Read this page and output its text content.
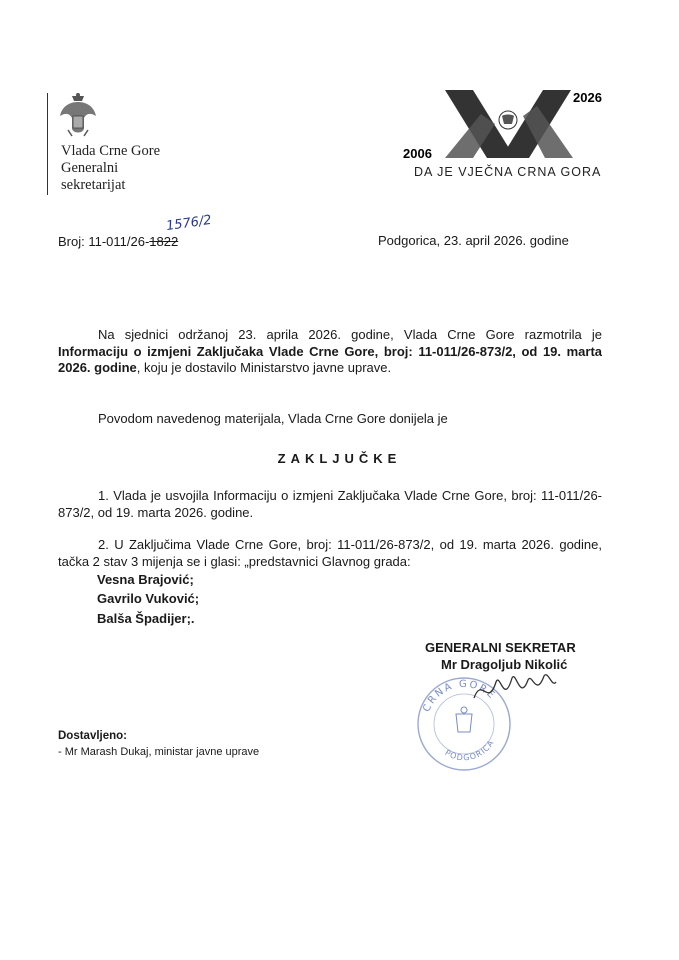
Vlada Crne Gore
Generalni
sekretarijat
2026
2006
DA JE VJEČNA CRNA GORA
Broj: 11-011/26-1822
1576/2
Podgorica, 23. april 2026. godine
Na sjednici održanoj 23. aprila 2026. godine, Vlada Crne Gore razmotrila je Informaciju o izmjeni Zaključaka Vlade Crne Gore, broj: 11-011/26-873/2, od 19. marta 2026. godine, koju je dostavilo Ministarstvo javne uprave.
Povodom navedenog materijala, Vlada Crne Gore donijela je
ZAKLJUČKE
1. Vlada je usvojila Informaciju o izmjeni Zaključaka Vlade Crne Gore, broj: 11-011/26-873/2, od 19. marta 2026. godine.
2. U Zaključima Vlade Crne Gore, broj: 11-011/26-873/2, od 19. marta 2026. godine, tačka 2 stav 3 mijenja se i glasi: „predstavnici Glavnog grada:
Vesna Brajović;
Gavrilo Vuković;
Balša Špadijer;.
GENERALNI SEKRETAR
Mr Dragoljub Nikolić
CRNA GORE
PODGORICA
Dostavljeno:
- Mr Marash Dukaj, ministar javne uprave
